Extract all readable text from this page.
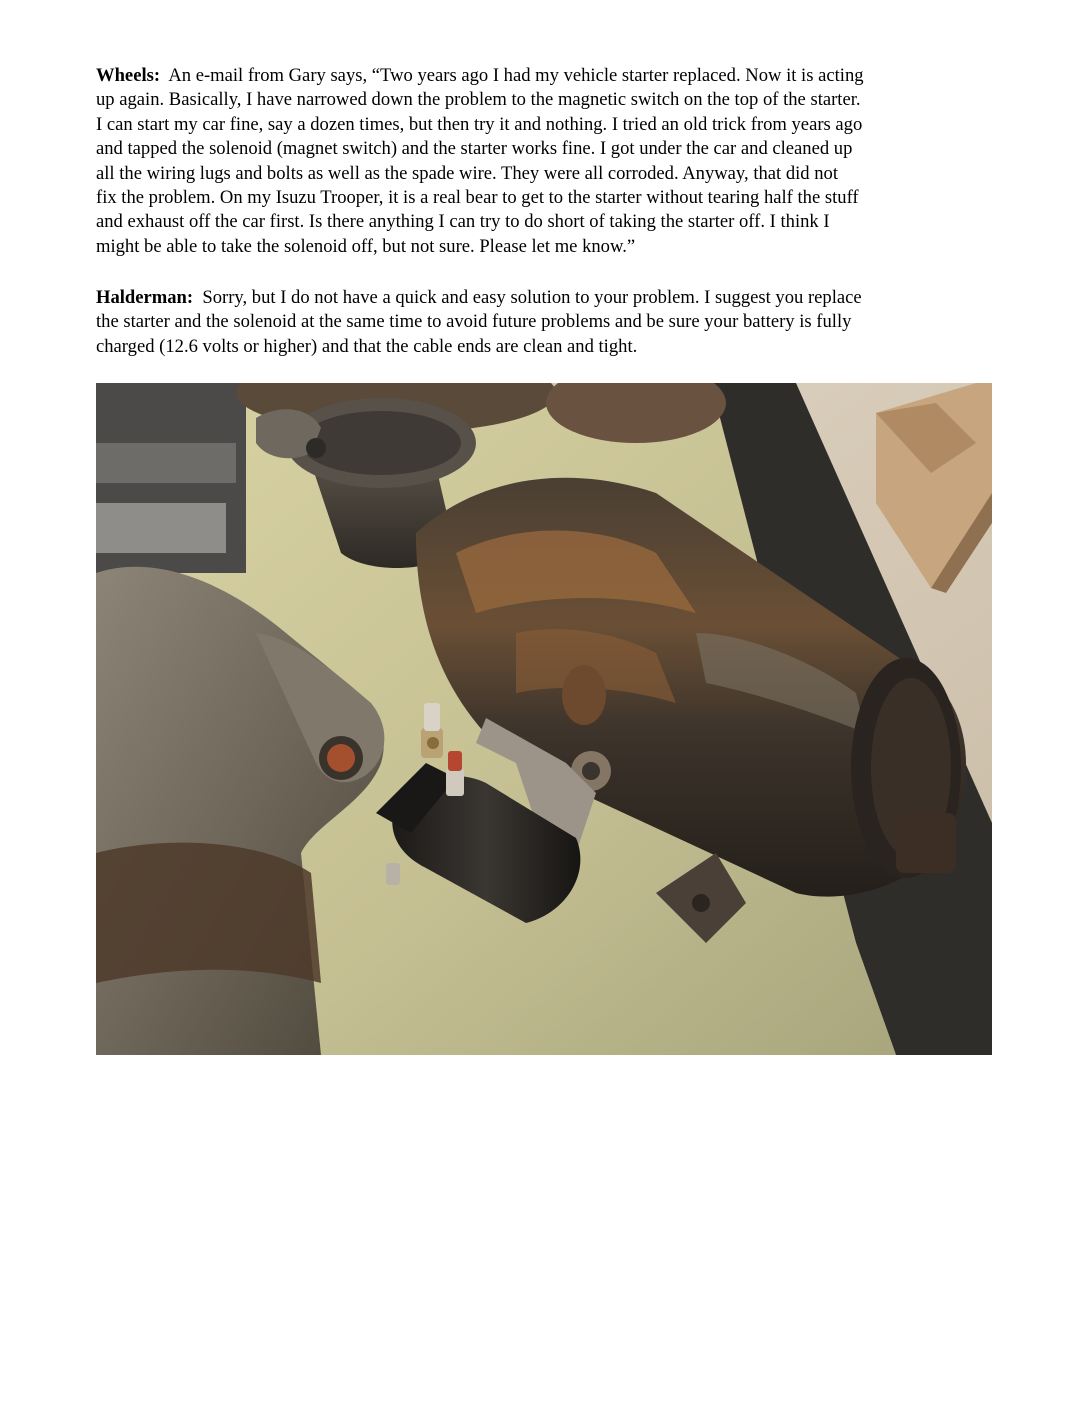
Wheels: An e-mail from Gary says, “Two years ago I had my vehicle starter replaced. Now it is acting
up again. Basically, I have narrowed down the problem to the magnetic switch on the top of the starter.
I can start my car fine, say a dozen times, but then try it and nothing. I tried an old trick from years ago
and tapped the solenoid (magnet switch) and the starter works fine. I got under the car and cleaned up
all the wiring lugs and bolts as well as the spade wire. They were all corroded. Anyway, that did not
fix the problem. On my Isuzu Trooper, it is a real bear to get to the starter without tearing half the stuff
and exhaust off the car first. Is there anything I can try to do short of taking the starter off. I think I
might be able to take the solenoid off, but not sure. Please let me know.”

Halderman: Sorry, but I do not have a quick and easy solution to your problem. I suggest you replace
the starter and the solenoid at the same time to avoid future problems and be sure your battery is fully
charged (12.6 volts or higher) and that the cable ends are clean and tight.
